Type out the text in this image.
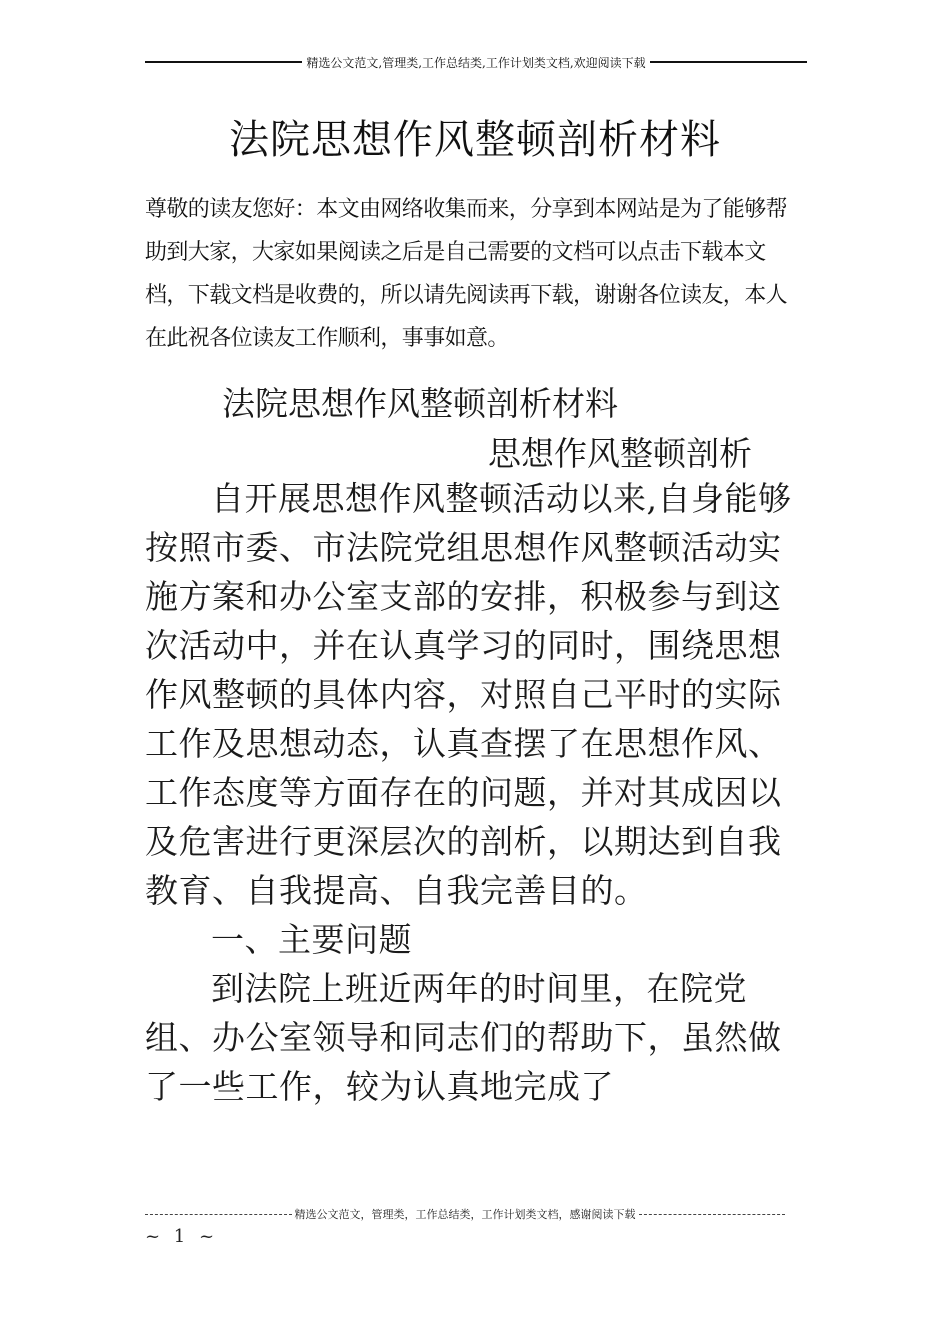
精选公文范文,管理类,工作总结类,工作计划类文档,欢迎阅读下载
法院思想作风整顿剖析材料
尊敬的读友您好：本文由网络收集而来，分享到本网站是为了能够帮助到大家，大家如果阅读之后是自己需要的文档可以点击下载本文档，下载文档是收费的，所以请先阅读再下载，谢谢各位读友，本人在此祝各位读友工作顺利，事事如意。
法院思想作风整顿剖析材料
思想作风整顿剖析

自开展思想作风整顿活动以来,自身能够按照市委、市法院党组思想作风整顿活动实施方案和办公室支部的安排，积极参与到这次活动中，并在认真学习的同时，围绕思想作风整顿的具体内容，对照自己平时的实际工作及思想动态，认真查摆了在思想作风、工作态度等方面存在的问题，并对其成因以及危害进行更深层次的剖析，以期达到自我教育、自我提高、自我完善目的。

一、主要问题

到法院上班近两年的时间里，在院党组、办公室领导和同志们的帮助下，虽然做了一些工作，较为认真地完成了

精选公文范文，管理类，工作总结类，工作计划类文档，感谢阅读下载
~ 1 ~
